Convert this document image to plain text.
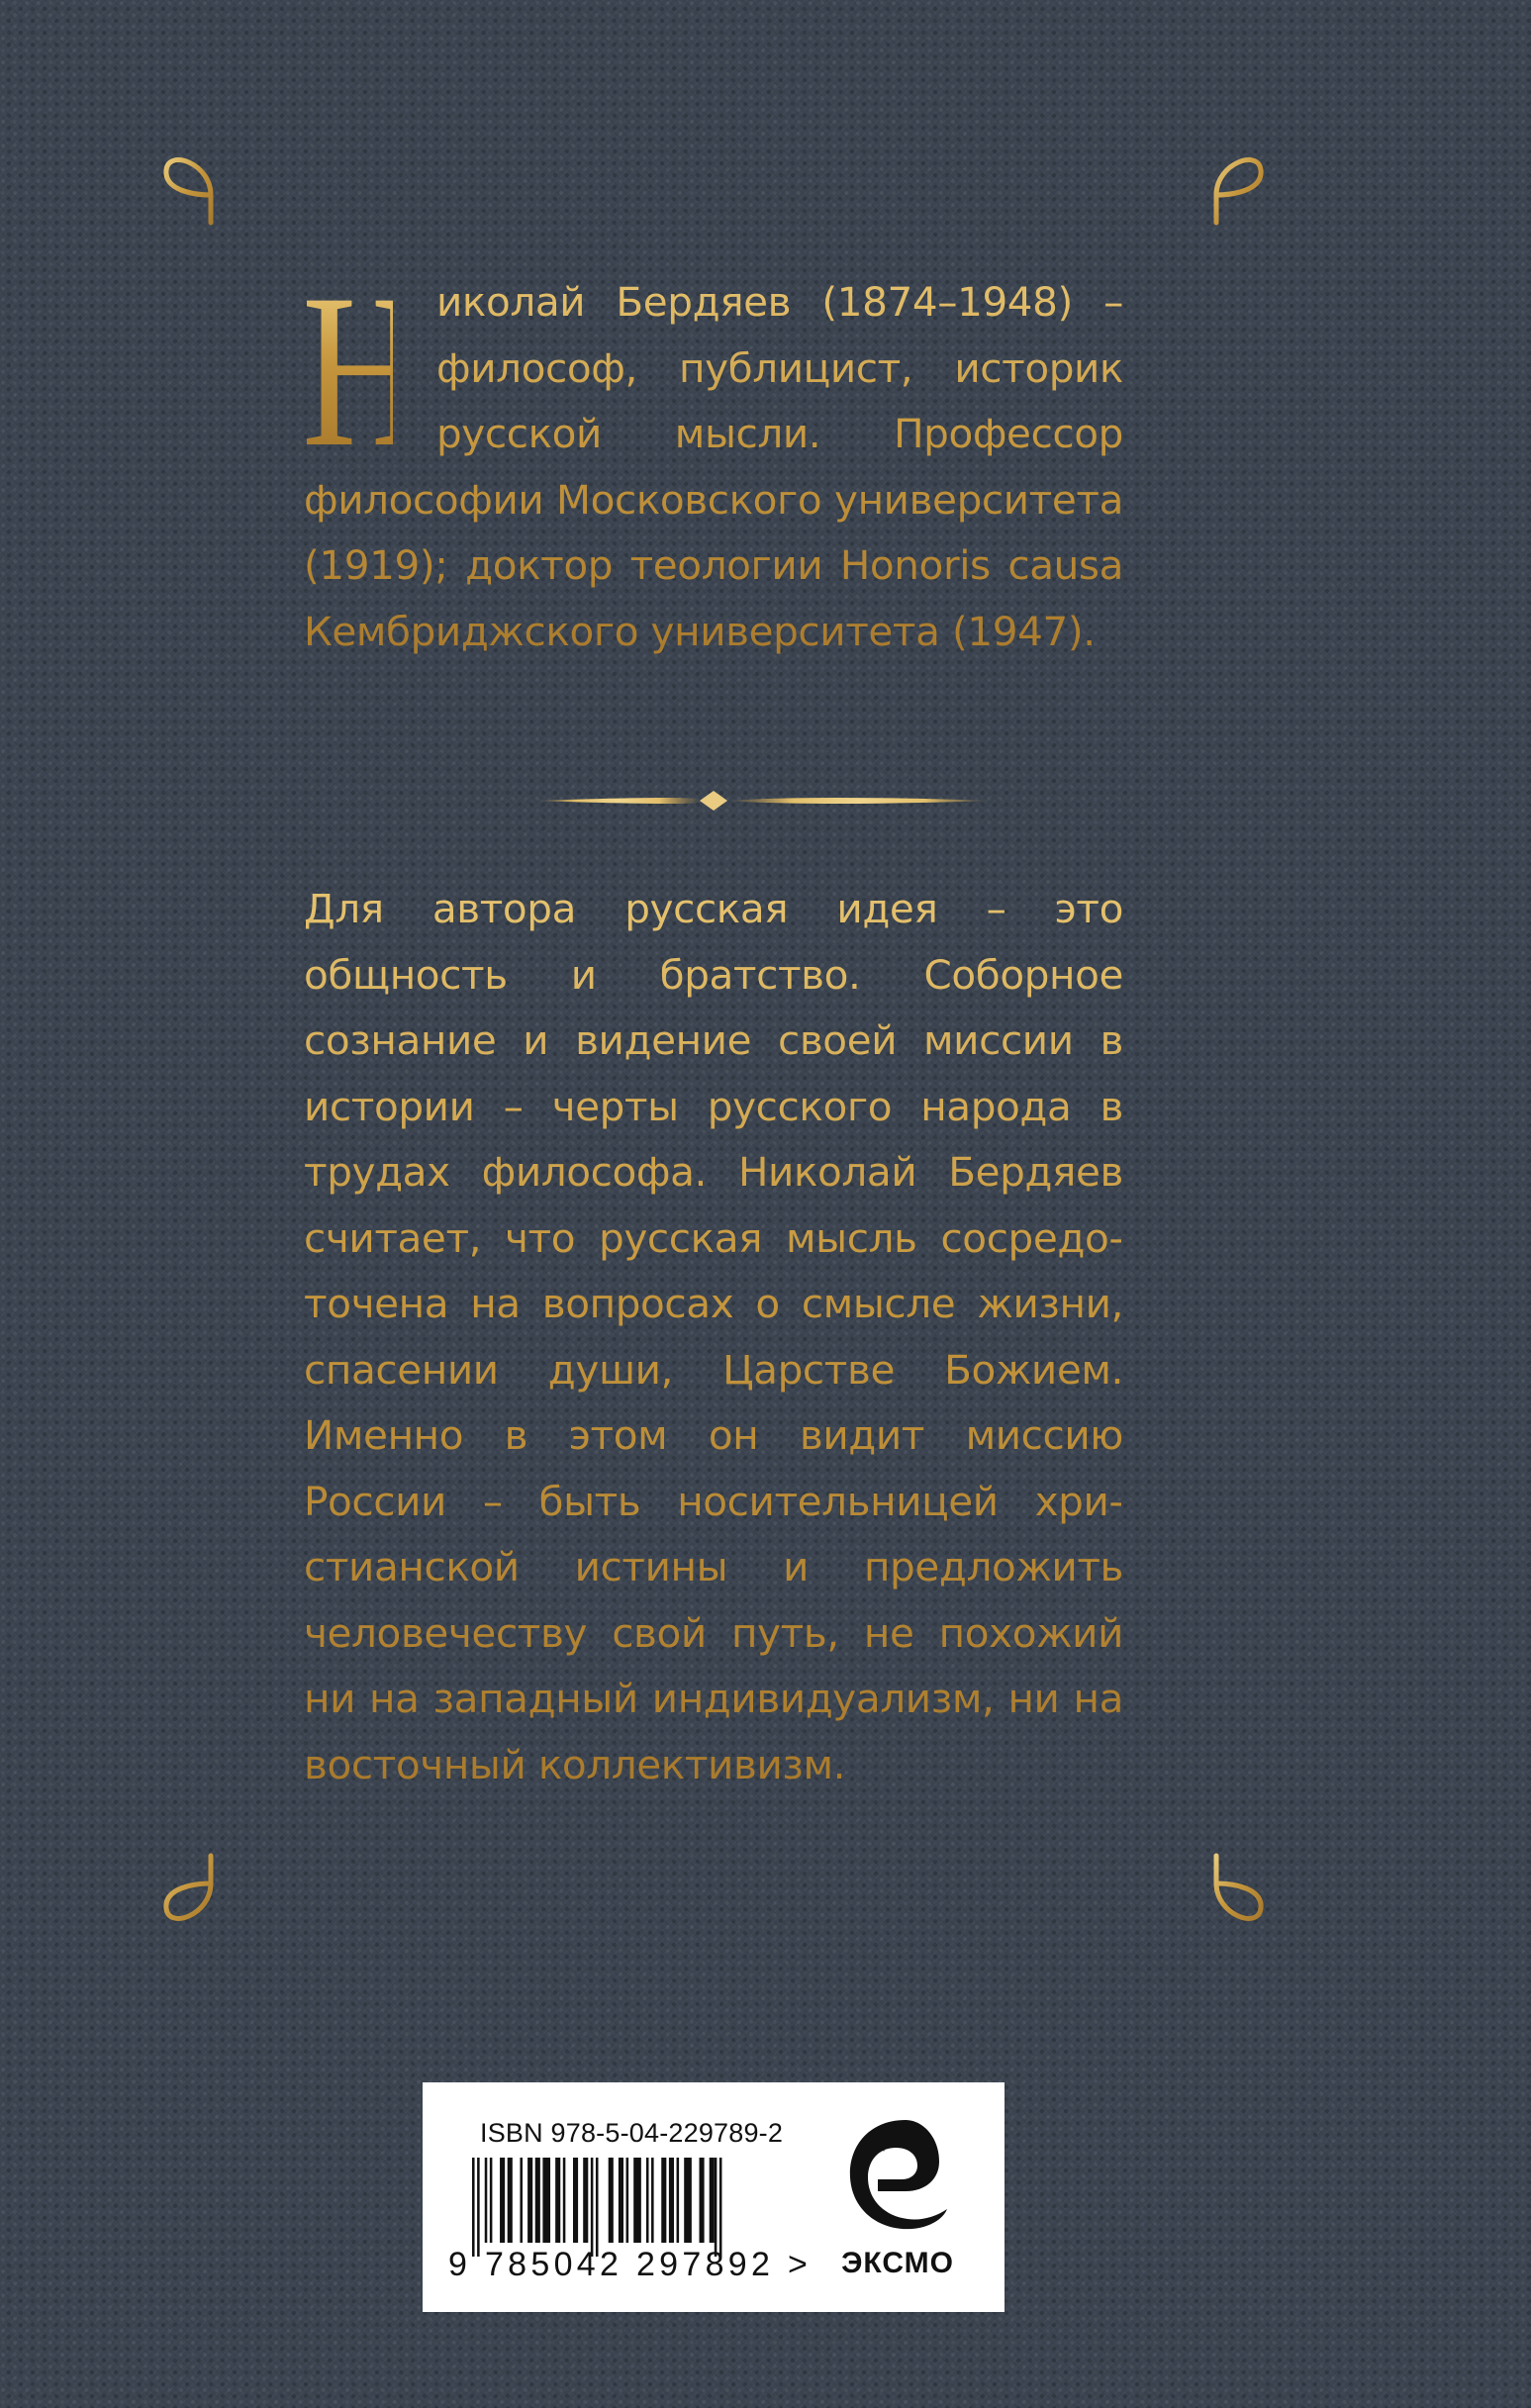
Н иколай Бердяев (1874–1948) – философ, публицист, историк русской мысли. Профессор философии Московского университета (1919); доктор теологии Honoris causa Кембриджского университета (1947).

Для автора русская идея – это общность и братство. Соборное сознание и видение своей миссии в истории – черты русского народа в трудах философа. Николай Бердяев считает, что русская мысль сосредоточена на вопросах о смысле жизни, спасении души, Царстве Божием. Именно в этом он видит миссию России – быть носительницей христианской истины и предложить человечеству свой путь, не похожий ни на западный индивидуализм, ни на восточный коллективизм.

ISBN 978-5-04-229789-2
9 785042 297892 > ЭКСМО
